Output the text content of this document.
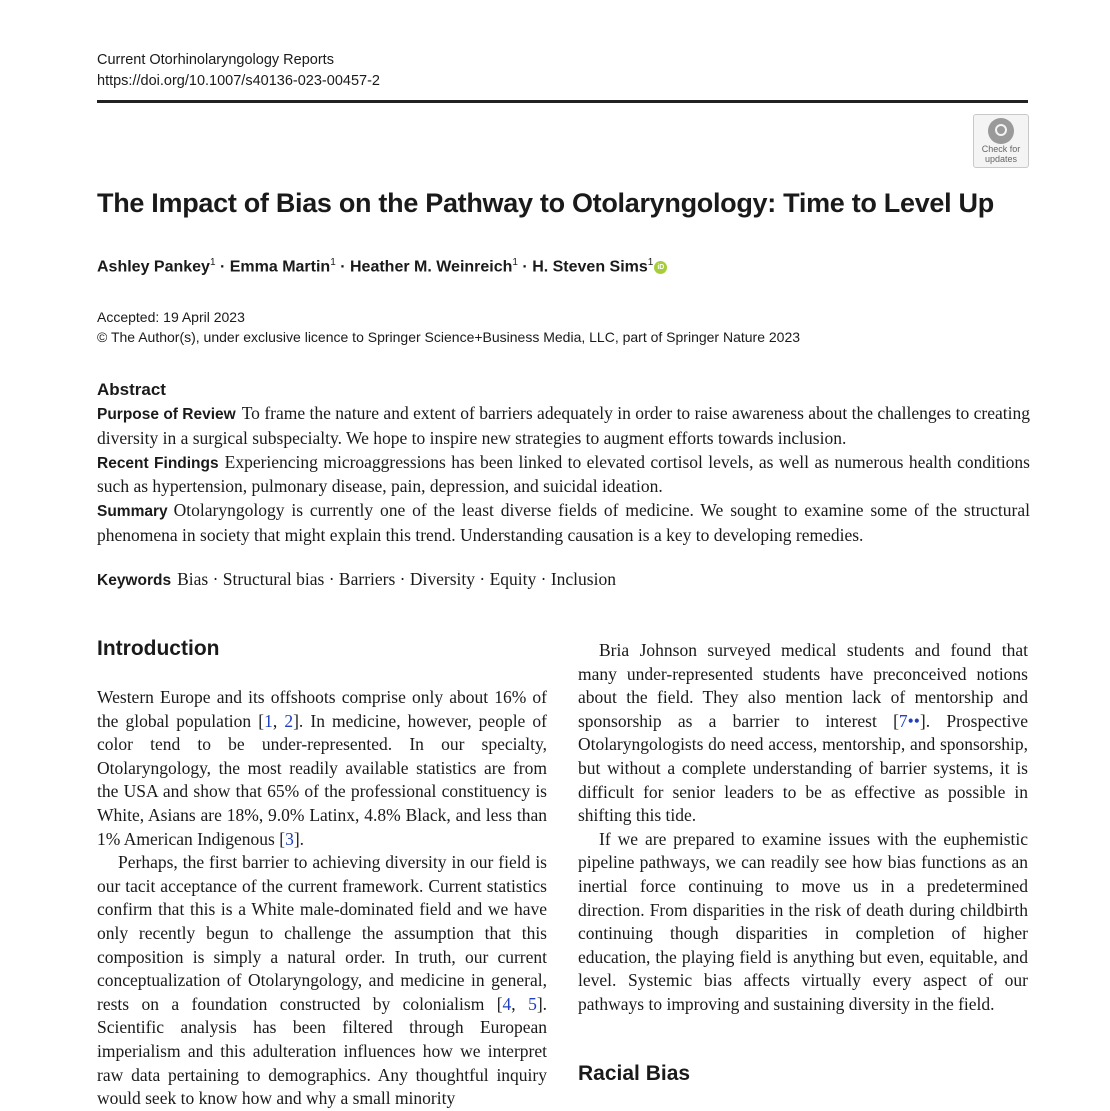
Current Otorhinolaryngology Reports
https://doi.org/10.1007/s40136-023-00457-2
Check for
updates
The Impact of Bias on the Pathway to Otolaryngology: Time to Level Up
Ashley Pankey$^1$ · Emma Martin$^1$ · Heather M. Weinreich$^1$ · H. Steven Sims$^1$ iD
Accepted: 19 April 2023
© The Author(s), under exclusive licence to Springer Science+Business Media, LLC, part of Springer Nature 2023
Abstract

Purpose of Review To frame the nature and extent of barriers adequately in order to raise awareness about the challenges to creating diversity in a surgical subspecialty. We hope to inspire new strategies to augment efforts towards inclusion.

Recent Findings Experiencing microaggressions has been linked to elevated cortisol levels, as well as numerous health conditions such as hypertension, pulmonary disease, pain, depression, and suicidal ideation.

Summary Otolaryngology is currently one of the least diverse fields of medicine. We sought to examine some of the structural phenomena in society that might explain this trend. Understanding causation is a key to developing remedies.

Keywords Bias · Structural bias · Barriers · Diversity · Equity · Inclusion
Introduction

Western Europe and its offshoots comprise only about 16% of the global population [1, 2]. In medicine, however, people of color tend to be under-represented. In our specialty, Otolaryngology, the most readily available statistics are from the USA and show that 65% of the professional constituency is White, Asians are 18%, 9.0% Latinx, 4.8% Black, and less than 1% American Indigenous [3].

Perhaps, the first barrier to achieving diversity in our field is our tacit acceptance of the current framework. Current statistics confirm that this is a White male-dominated field and we have only recently begun to challenge the assumption that this composition is simply a natural order. In truth, our current conceptualization of Otolaryngology, and medicine in general, rests on a foundation constructed by colonialism [4, 5]. Scientific analysis has been filtered through European imperialism and this adulteration influences how we interpret raw data pertaining to demographics. Any thoughtful inquiry would seek to know how and why a small minority

Bria Johnson surveyed medical students and found that many under-represented students have preconceived notions about the field. They also mention lack of mentorship and sponsorship as a barrier to interest [7••]. Prospective Otolaryngologists do need access, mentorship, and sponsorship, but without a complete understanding of barrier systems, it is difficult for senior leaders to be as effective as possible in shifting this tide.

If we are prepared to examine issues with the euphemistic pipeline pathways, we can readily see how bias functions as an inertial force continuing to move us in a predetermined direction. From disparities in the risk of death during childbirth continuing though disparities in completion of higher education, the playing field is anything but even, equitable, and level. Systemic bias affects virtually every aspect of our pathways to improving and sustaining diversity in the field.

Racial Bias
